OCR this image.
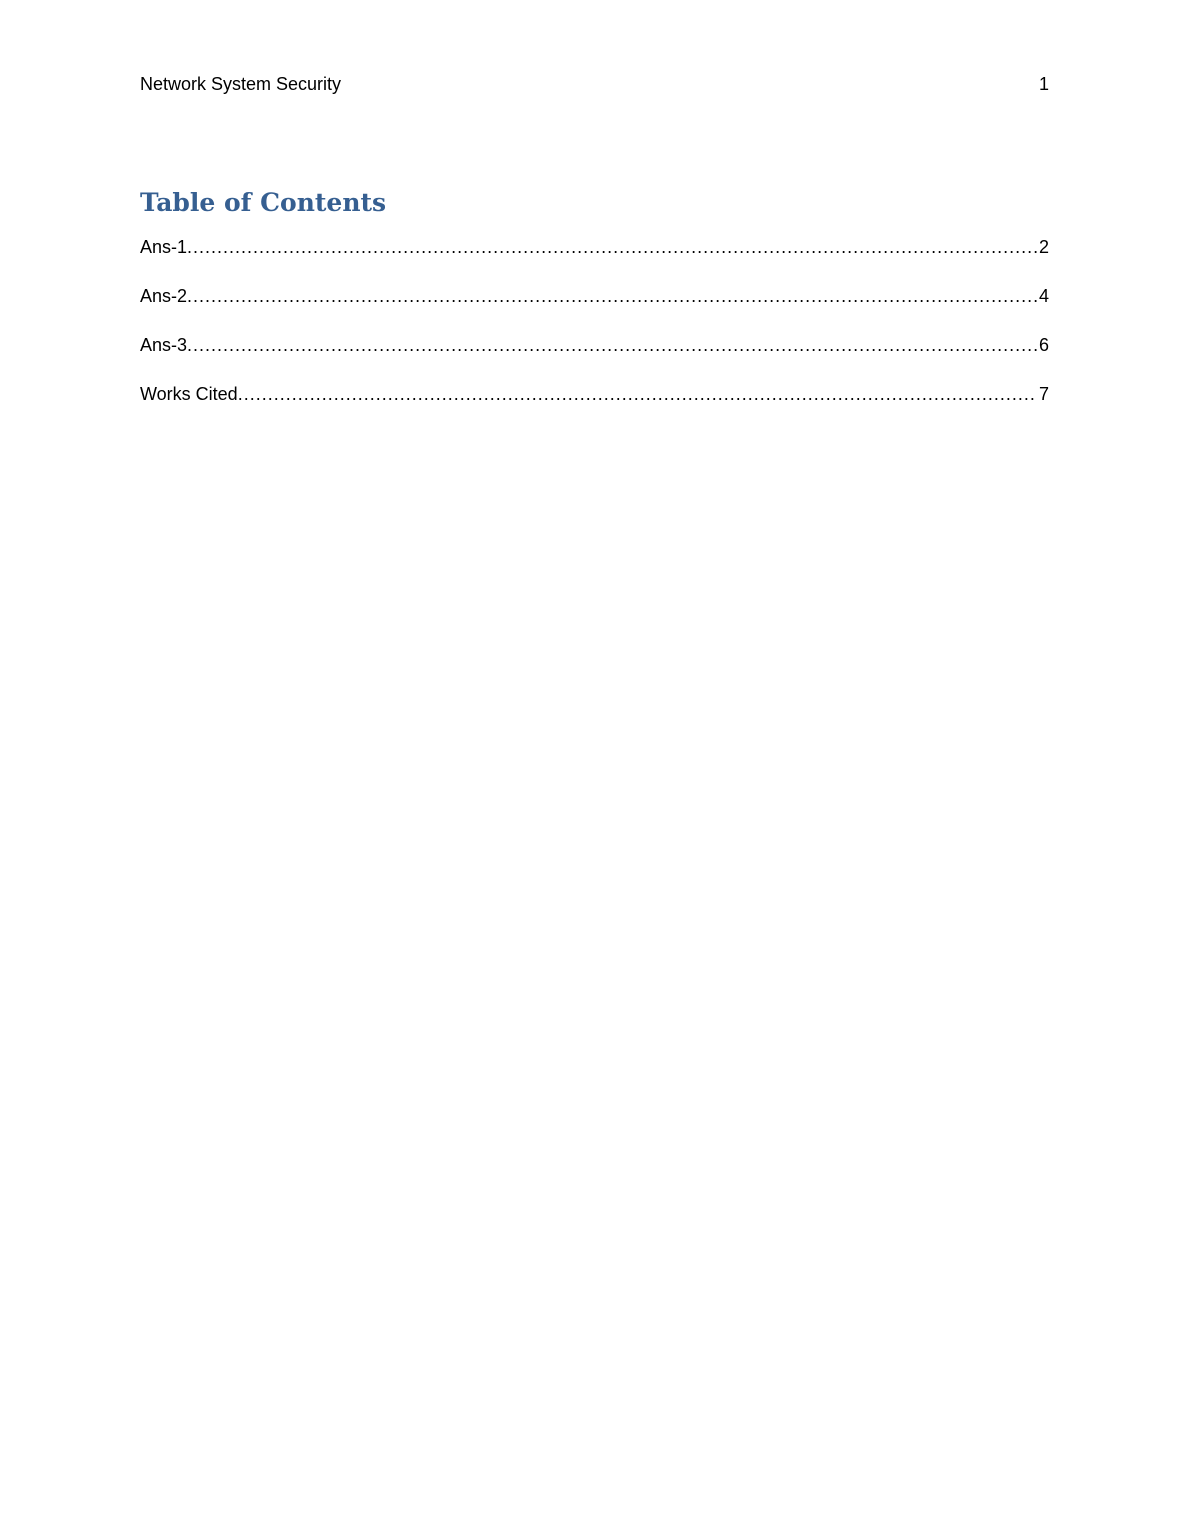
Network System Security	1
Table of Contents
Ans-1 .....	2
Ans-2 .....	4
Ans-3 .....	6
Works Cited .....	7
